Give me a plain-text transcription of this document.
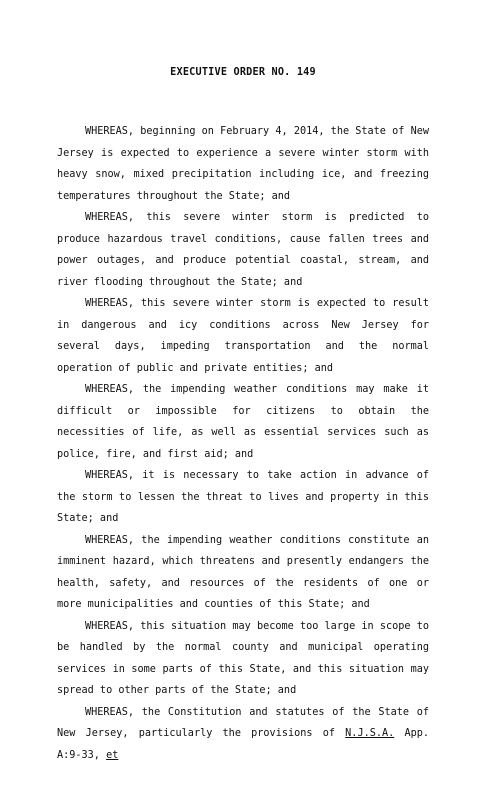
EXECUTIVE ORDER NO. 149

WHEREAS, beginning on February 4, 2014, the State of New Jersey is expected to experience a severe winter storm with heavy snow, mixed precipitation including ice, and freezing temperatures throughout the State; and

WHEREAS, this severe winter storm is predicted to produce hazardous travel conditions, cause fallen trees and power outages, and produce potential coastal, stream, and river flooding throughout the State; and

WHEREAS, this severe winter storm is expected to result in dangerous and icy conditions across New Jersey for several days, impeding transportation and the normal operation of public and private entities; and

WHEREAS, the impending weather conditions may make it difficult or impossible for citizens to obtain the necessities of life, as well as essential services such as police, fire, and first aid; and

WHEREAS, it is necessary to take action in advance of the storm to lessen the threat to lives and property in this State; and

WHEREAS, the impending weather conditions constitute an imminent hazard, which threatens and presently endangers the health, safety, and resources of the residents of one or more municipalities and counties of this State; and

WHEREAS, this situation may become too large in scope to be handled by the normal county and municipal operating services in some parts of this State, and this situation may spread to other parts of the State; and

WHEREAS, the Constitution and statutes of the State of New Jersey, particularly the provisions of N.J.S.A. App. A:9-33, et
